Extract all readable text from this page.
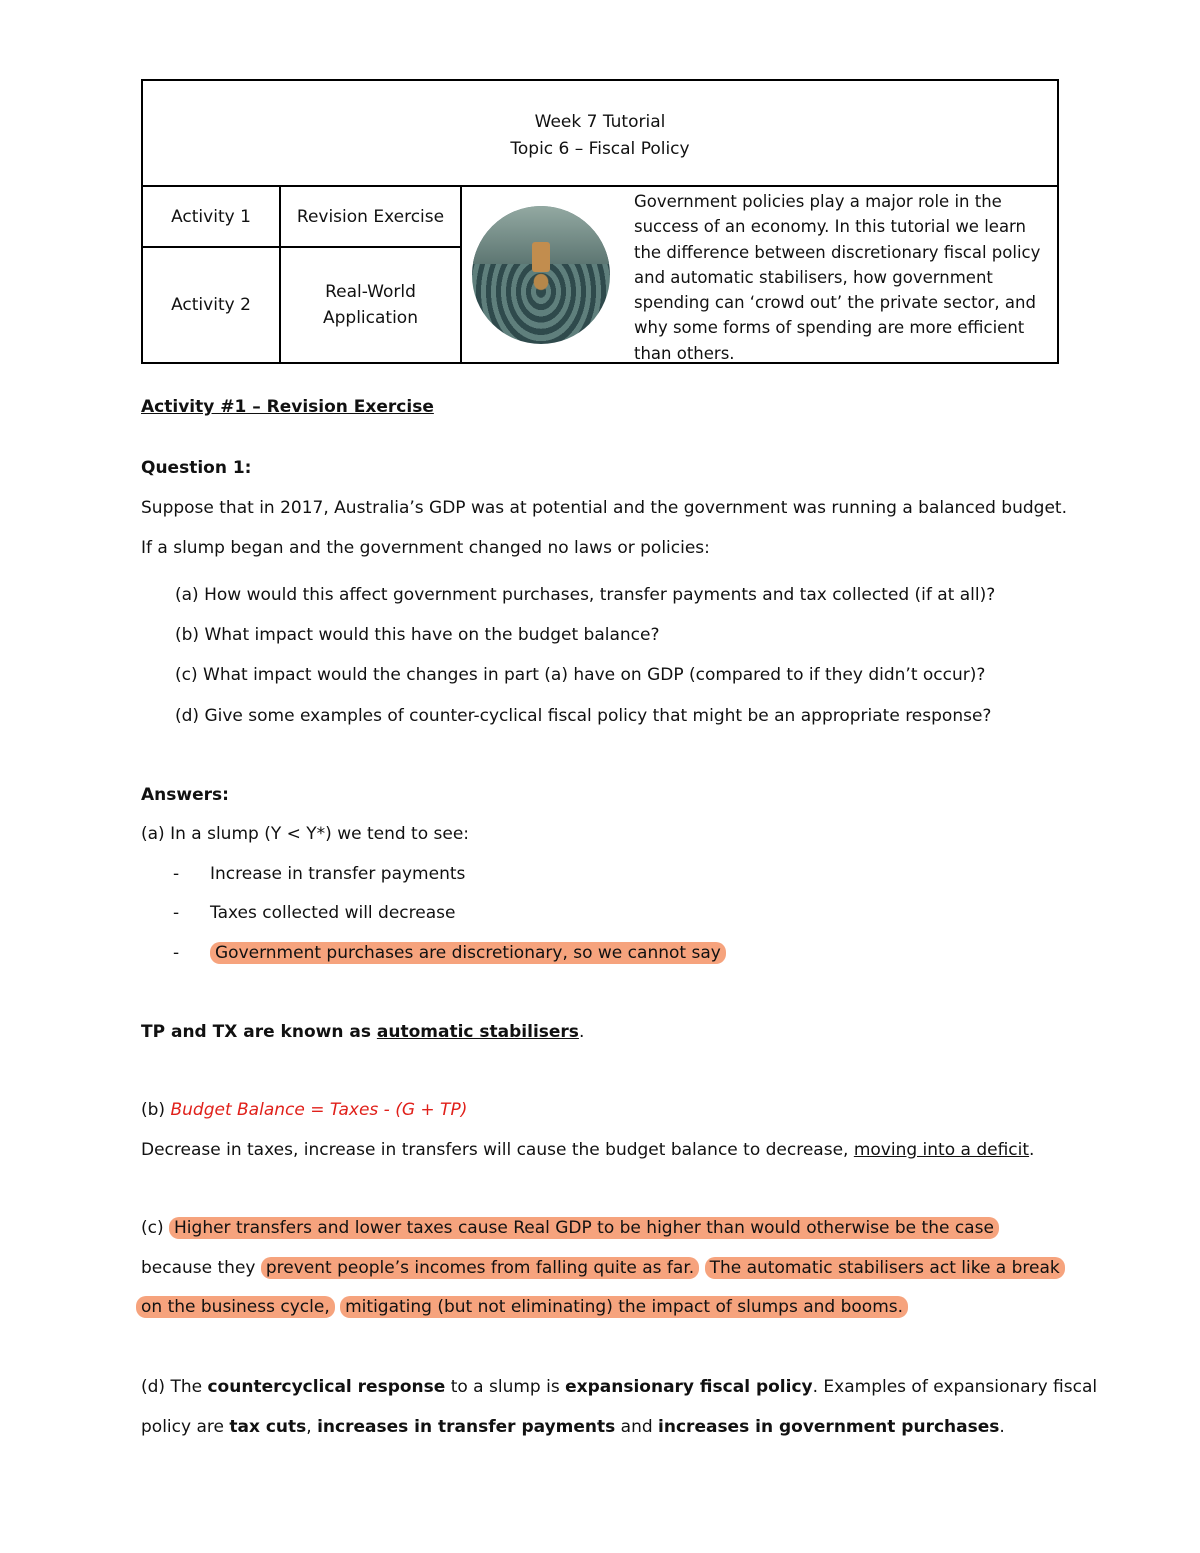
Week 7 Tutorial
Topic 6 – Fiscal Policy
Activity 1	Revision Exercise
Activity 2
Real-World Application
Government policies play a major role in the success of an economy. In this tutorial we learn the difference between discretionary fiscal policy and automatic stabilisers, how government spending can ‘crowd out’ the private sector, and why some forms of spending are more efficient than others.
Activity #1 – Revision Exercise
Question 1:
Suppose that in 2017, Australia’s GDP was at potential and the government was running a balanced budget.
If a slump began and the government changed no laws or policies:
(a) How would this affect government purchases, transfer payments and tax collected (if at all)?
(b) What impact would this have on the budget balance?
(c) What impact would the changes in part (a) have on GDP (compared to if they didn’t occur)?
(d) Give some examples of counter-cyclical fiscal policy that might be an appropriate response?
Answers:
(a) In a slump (Y < Y*) we tend to see:
- Increase in transfer payments
- Taxes collected will decrease
- Government purchases are discretionary, so we cannot say
TP and TX are known as automatic stabilisers.
(b) Budget Balance = Taxes - (G + TP)
Decrease in taxes, increase in transfers will cause the budget balance to decrease, moving into a deficit.
(c) Higher transfers and lower taxes cause Real GDP to be higher than would otherwise be the case
because they prevent people’s incomes from falling quite as far. The automatic stabilisers act like a break
on the business cycle, mitigating (but not eliminating) the impact of slumps and booms.
(d) The countercyclical response to a slump is expansionary fiscal policy. Examples of expansionary fiscal
policy are tax cuts, increases in transfer payments and increases in government purchases.
